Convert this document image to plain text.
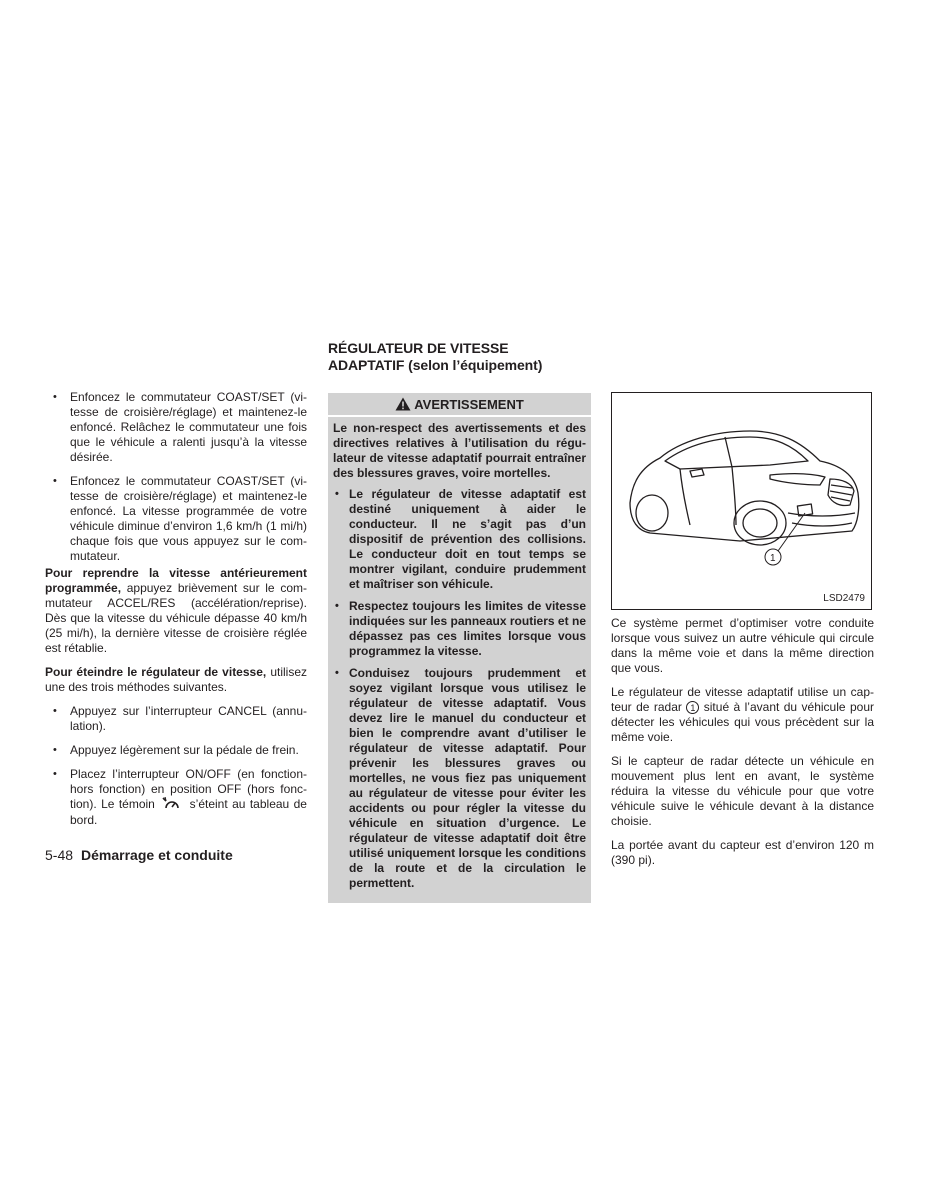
• Enfoncez le commutateur COAST/SET (vitesse de croisière/réglage) et maintenez-le enfoncé. Relâchez le commutateur une fois que le véhicule a ralenti jusqu’à la vitesse désirée.
• Enfoncez le commutateur COAST/SET (vitesse de croisière/réglage) et maintenez-le enfoncé. La vitesse programmée de votre véhicule diminue d’environ 1,6 km/h (1 mi/h) chaque fois que vous appuyez sur le commutateur.

Pour reprendre la vitesse antérieurement programmée, appuyez brièvement sur le commutateur ACCEL/RES (accélération/reprise). Dès que la vitesse du véhicule dépasse 40 km/h (25 mi/h), la dernière vitesse de croisière réglée est rétablie.

Pour éteindre le régulateur de vitesse, utilisez une des trois méthodes suivantes.

• Appuyez sur l’interrupteur CANCEL (annulation).
• Appuyez légèrement sur la pédale de frein.
• Placez l’interrupteur ON/OFF (en fonctionhors fonction) en position OFF (hors fonction). Le témoin	s’éteint au tableau de bord.
RÉGULATEUR DE VITESSE
ADAPTATIF (selon l’équipement)
AVERTISSEMENT

Le non-respect des avertissements et des directives relatives à l’utilisation du régulateur de vitesse adaptatif pourrait entraîner des blessures graves, voire mortelles.

• Le régulateur de vitesse adaptatif est destiné uniquement à aider le conducteur. Il ne s’agit pas d’un dispositif de prévention des collisions. Le conducteur doit en tout temps se montrer vigilant, conduire prudemment et maîtriser son véhicule.
• Respectez toujours les limites de vitesse indiquées sur les panneaux routiers et ne dépassez pas ces limites lorsque vous programmez la vitesse.
• Conduisez toujours prudemment et soyez vigilant lorsque vous utilisez le régulateur de vitesse adaptatif. Vous devez lire le manuel du conducteur et bien le comprendre avant d’utiliser le régulateur de vitesse adaptatif. Pour prévenir les blessures graves ou mortelles, ne vous fiez pas uniquement au régulateur de vitesse pour éviter les accidents ou pour régler la vitesse du véhicule en situation d’urgence. Le régulateur de vitesse adaptatif doit être utilisé uniquement lorsque les conditions de la route et de la circulation le permettent.
1
LSD2479

Ce système permet d’optimiser votre conduite lorsque vous suivez un autre véhicule qui circule dans la même voie et dans la même direction que vous.

Le régulateur de vitesse adaptatif utilise un capteur de radar 1 situé à l’avant du véhicule pour détecter les véhicules qui vous précèdent sur la même voie.

Si le capteur de radar détecte un véhicule en mouvement plus lent en avant, le système réduira la vitesse du véhicule pour que votre véhicule suive le véhicule devant à la distance choisie.

La portée avant du capteur est d’environ 120 m (390 pi).

5-48 Démarrage et conduite
